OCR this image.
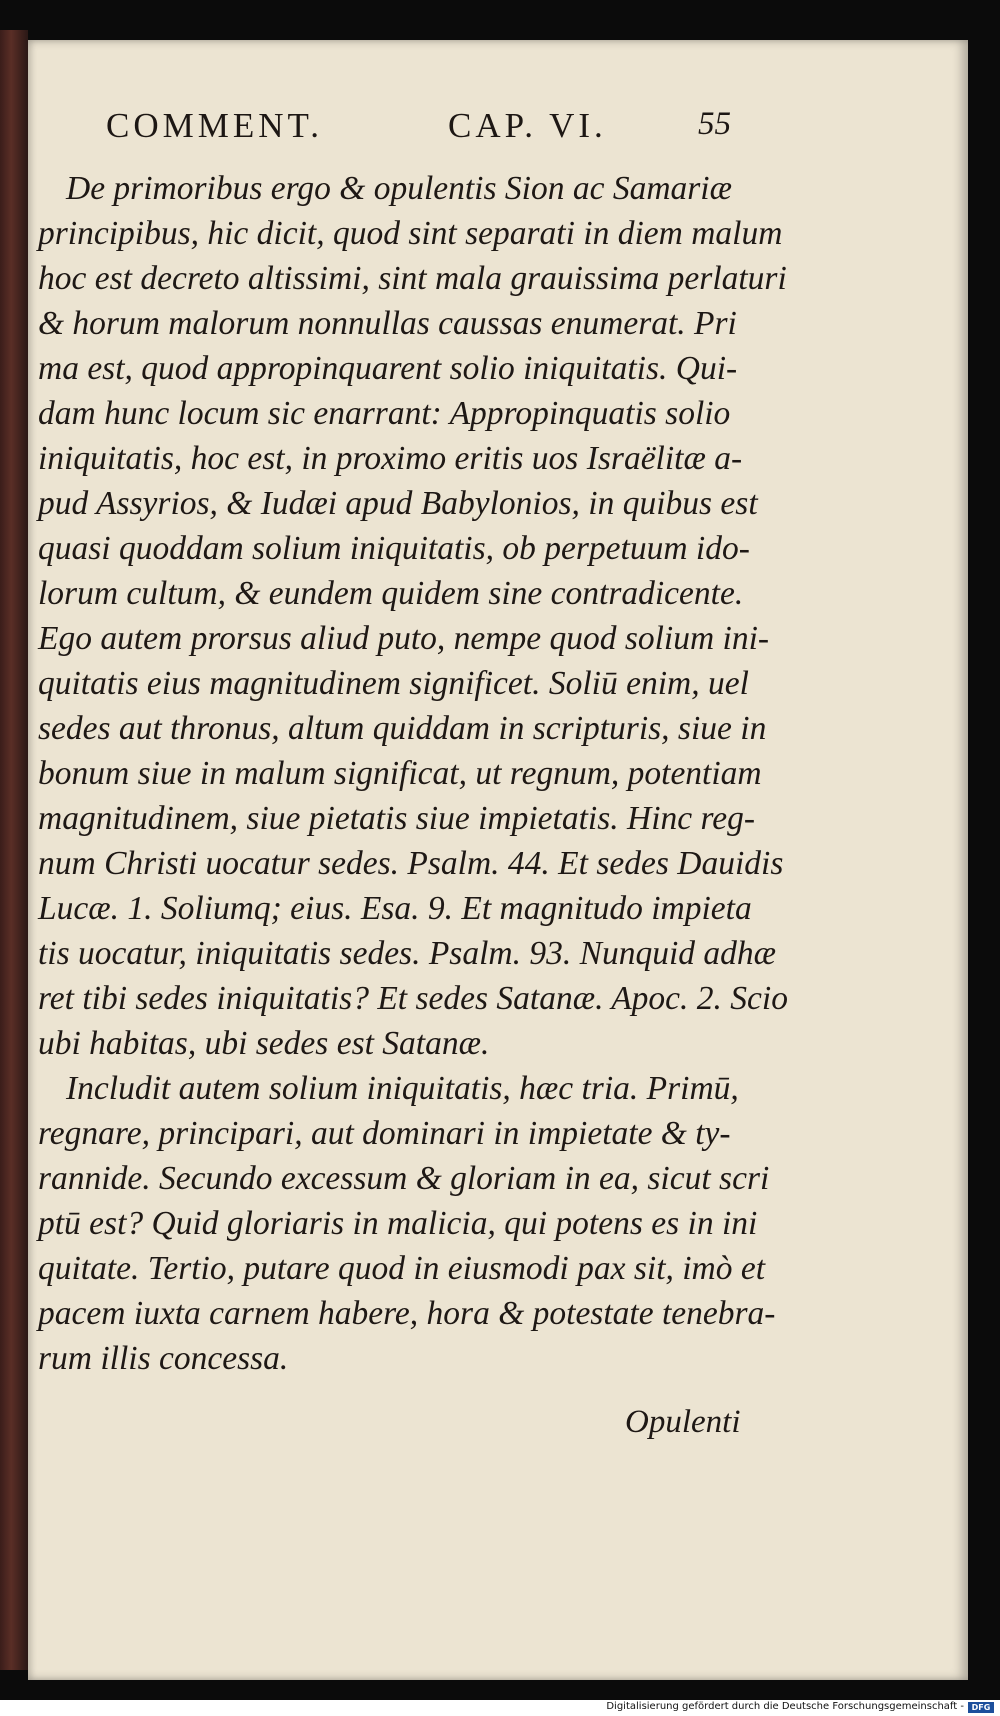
COMMENT.	CAP. VI.	55
De primoribus ergo & opulentis Sion ac Samariæ
principibus, hic dicit, quod sint separati in diem malum
hoc est decreto altissimi, sint mala grauissima perlaturi
& horum malorum nonnullas caussas enumerat. Pri
ma est, quod appropinquarent solio iniquitatis. Qui-
dam hunc locum sic enarrant: Appropinquatis solio
iniquitatis, hoc est, in proximo eritis uos Israëlitæ a-
pud Assyrios, & Iudæi apud Babylonios, in quibus est
quasi quoddam solium iniquitatis, ob perpetuum ido-
lorum cultum, & eundem quidem sine contradicente.
Ego autem prorsus aliud puto, nempe quod solium ini-
quitatis eius magnitudinem significet. Soliū enim, uel
sedes aut thronus, altum quiddam in scripturis, siue in
bonum siue in malum significat, ut regnum, potentiam
magnitudinem, siue pietatis siue impietatis. Hinc reg-
num Christi uocatur sedes. Psalm. 44. Et sedes Dauidis
Lucæ. 1. Soliumq; eius. Esa. 9. Et magnitudo impieta
tis uocatur, iniquitatis sedes. Psalm. 93. Nunquid adhæ
ret tibi sedes iniquitatis? Et sedes Satanæ. Apoc. 2. Scio
ubi habitas, ubi sedes est Satanæ.
Includit autem solium iniquitatis, hæc tria. Primū,
regnare, principari, aut dominari in impietate & ty-
rannide. Secundo excessum & gloriam in ea, sicut scri
ptū est? Quid gloriaris in malicia, qui potens es in ini
quitate. Tertio, putare quod in eiusmodi pax sit, imò et
pacem iuxta carnem habere, hora & potestate tenebra-
rum illis concessa.
Opulenti
Digitalisierung gefördert durch die Deutsche Forschungsgemeinschaft - DFG
